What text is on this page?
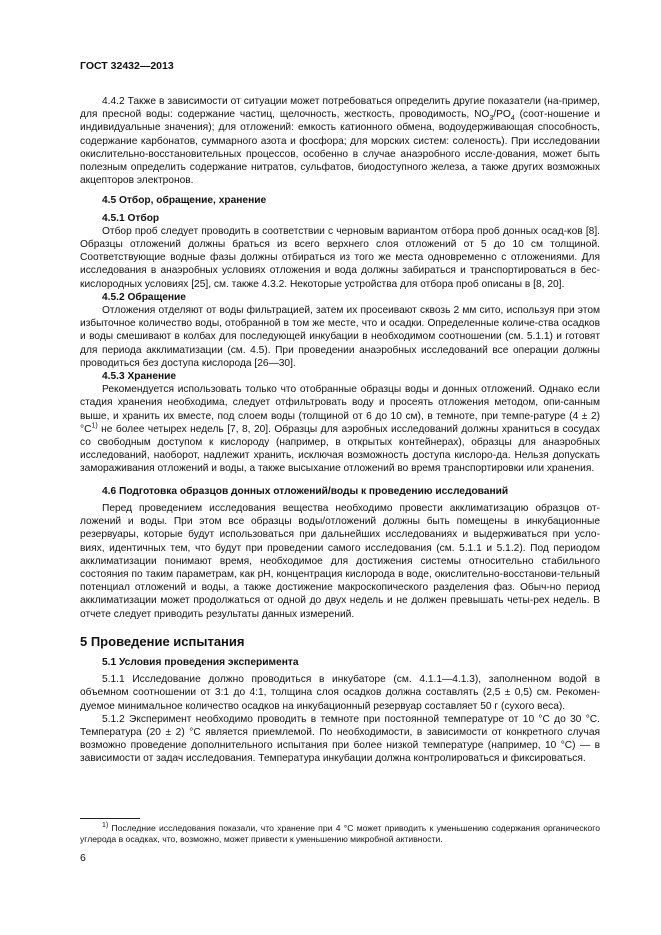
ГОСТ 32432—2013

4.4.2 Также в зависимости от ситуации может потребоваться определить другие показатели (на-пример, для пресной воды: содержание частиц, щелочность, жесткость, проводимость, $NO_3/PO_4$ (соот-ношение и индивидуальные значения); для отложений: емкость катионного обмена, водоудерживающая способность, содержание карбонатов, суммарного азота и фосфора; для морских систем: соленость). При исследовании окислительно-восстановительных процессов, особенно в случае анаэробного иссле-дования, может быть полезным определить содержание нитратов, сульфатов, биодоступного железа, а также других возможных акцепторов электронов.

4.5 Отбор, обращение, хранение
4.5.1 Отбор

Отбор проб следует проводить в соответствии с черновым вариантом отбора проб донных осад-ков [8]. Образцы отложений должны браться из всего верхнего слоя отложений от 5 до 10 см толщиной. Соответствующие водные фазы должны отбираться из того же места одновременно с отложениями. Для исследования в анаэробных условиях отложения и вода должны забираться и транспортироваться в бес-кислородных условиях [25], см. также 4.3.2. Некоторые устройства для отбора проб описаны в [8, 20].

4.5.2 Обращение

Отложения отделяют от воды фильтрацией, затем их просеивают сквозь 2 мм сито, используя при этом избыточное количество воды, отобранной в том же месте, что и осадки. Определенные количе-ства осадков и воды смешивают в колбах для последующей инкубации в необходимом соотношении (см. 5.1.1) и готовят для периода акклиматизации (см. 4.5). При проведении анаэробных исследований все операции должны проводиться без доступа кислорода [26—30].

4.5.3 Хранение

Рекомендуется использовать только что отобранные образцы воды и донных отложений. Однако если стадия хранения необходима, следует отфильтровать воду и просеять отложения методом, опи-санным выше, и хранить их вместе, под слоем воды (толщиной от 6 до 10 см), в темноте, при темпе-ратуре (4 ± 2) $^\circ C^{1)}$ не более четырех недель [7, 8, 20]. Образцы для аэробных исследований должны храниться в сосудах со свободным доступом к кислороду (например, в открытых контейнерах), образцы для анаэробных исследований, наоборот, надлежит хранить, исключая возможность доступа кислоро-да. Нельзя допускать замораживания отложений и воды, а также высыхание отложений во время транспортировки или хранения.

4.6 Подготовка образцов донных отложений/воды к проведению исследований

Перед проведением исследования вещества необходимо провести акклиматизацию образцов от-ложений и воды. При этом все образцы воды/отложений должны быть помещены в инкубационные резервуары, которые будут использоваться при дальнейших исследованиях и выдерживаться при усло-виях, идентичных тем, что будут при проведении самого исследования (см. 5.1.1 и 5.1.2). Под периодом акклиматизации понимают время, необходимое для достижения системы относительно стабильного состояния по таким параметрам, как pH, концентрация кислорода в воде, окислительно-восстанови-тельный потенциал отложений и воды, а также достижение макроскопического разделения фаз. Обыч-но период акклиматизации может продолжаться от одной до двух недель и не должен превышать четы-рех недель. В отчете следует приводить результаты данных измерений.

5 Проведение испытания
5.1 Условия проведения эксперимента

5.1.1 Исследование должно проводиться в инкубаторе (см. 4.1.1—4.1.3), заполненном водой в объемном соотношении от 3:1 до 4:1, толщина слоя осадков должна составлять (2,5 ± 0,5) см. Рекомен-дуемое минимальное количество осадков на инкубационный резервуар составляет 50 г (сухого веса).

5.1.2 Эксперимент необходимо проводить в темноте при постоянной температуре от 10 °C до 30 °C. Температура (20 ± 2) °C является приемлемой. По необходимости, в зависимости от конкретного случая возможно проведение дополнительного испытания при более низкой температуре (например, 10 °C) — в зависимости от задач исследования. Температура инкубации должна контролироваться и фиксироваться.

$^{1)}$ Последние исследования показали, что хранение при 4 °C может приводить к уменьшению содержания органического углерода в осадках, что, возможно, может привести к уменьшению микробной активности.

6
